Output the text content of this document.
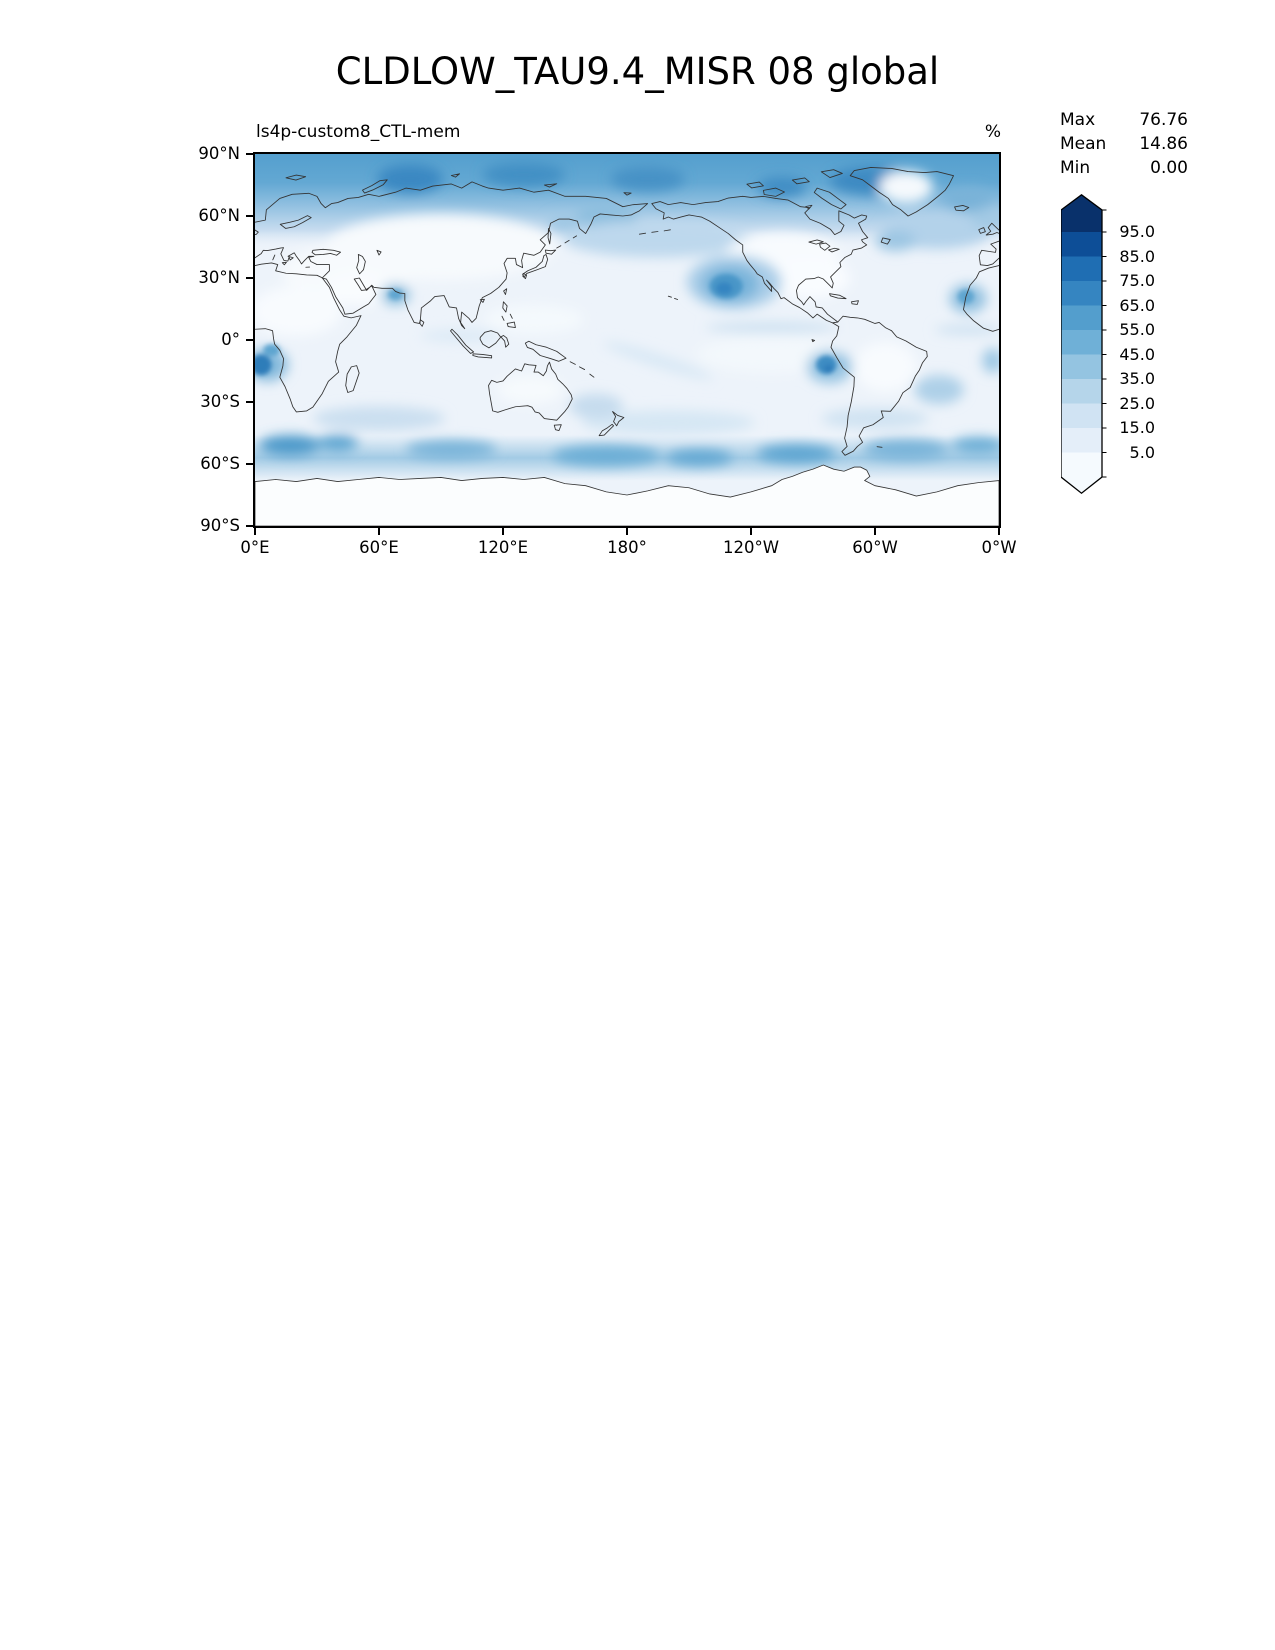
CLDLOW_TAU9.4_MISR 08 global
ls4p-custom8_CTL-mem	%
Max	76.76
Mean 14.86
Min	0.00
90°N
60°N
30°N
0°
30°S
60°S
90°S
0°E	60°E	120°E	180°	120°W	60°W	0°W
95.0
85.0
75.0
65.0
55.0
45.0
35.0
25.0
15.0
5.0
